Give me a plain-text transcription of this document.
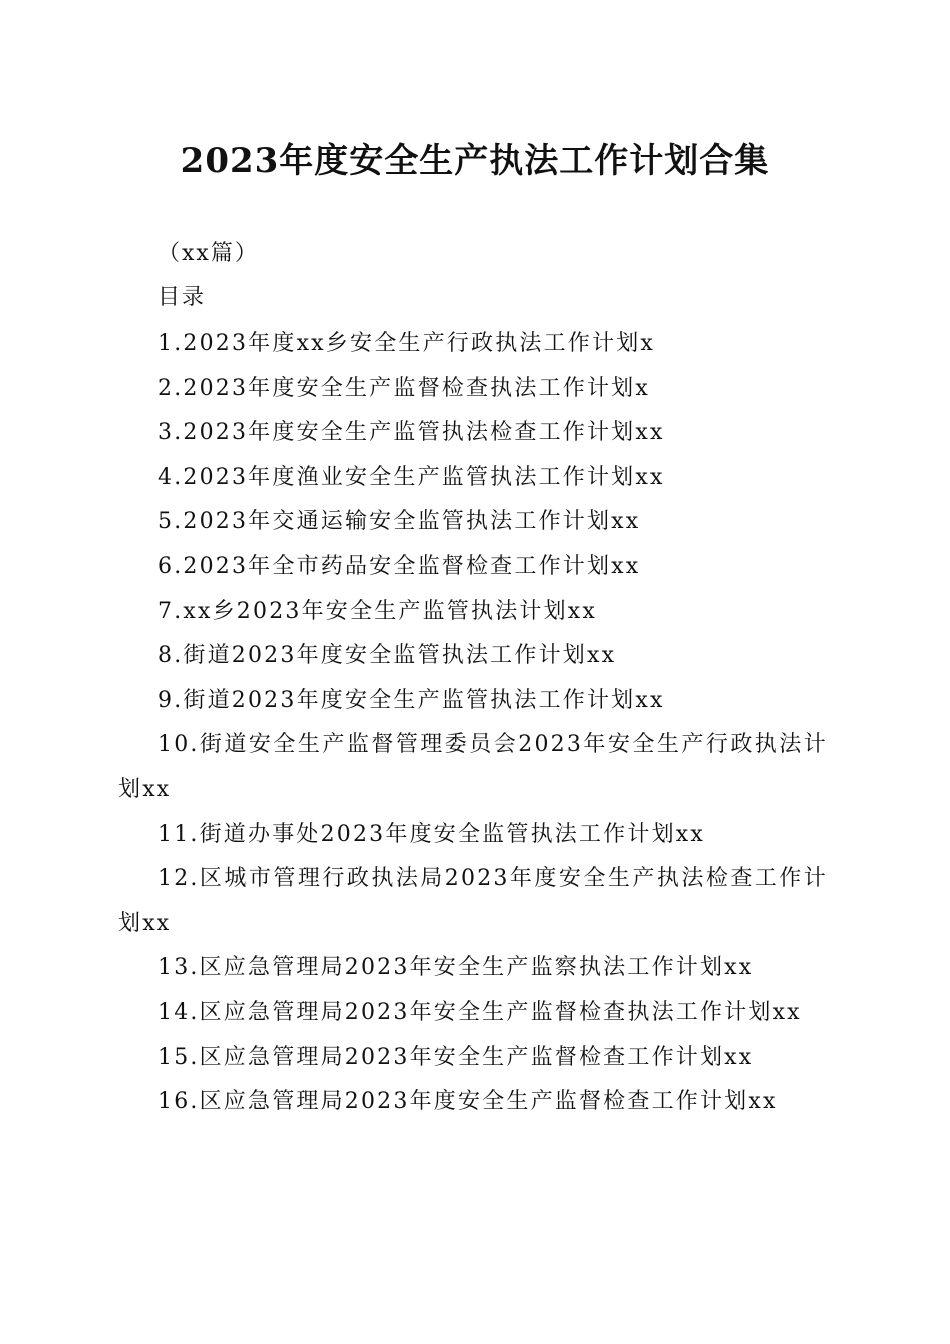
2023年度安全生产执法工作计划合集

（xx篇）

目录

1.2023年度xx乡安全生产行政执法工作计划x
2.2023年度安全生产监督检查执法工作计划x
3.2023年度安全生产监管执法检查工作计划xx
4.2023年度渔业安全生产监管执法工作计划xx
5.2023年交通运输安全监管执法工作计划xx
6.2023年全市药品安全监督检查工作计划xx
7.xx乡2023年安全生产监管执法计划xx
8.街道2023年度安全监管执法工作计划xx
9.街道2023年度安全生产监管执法工作计划xx
10.街道安全生产监督管理委员会2023年安全生产行政执法计划xx
11.街道办事处2023年度安全监管执法工作计划xx
12.区城市管理行政执法局2023年度安全生产执法检查工作计划xx
13.区应急管理局2023年安全生产监察执法工作计划xx
14.区应急管理局2023年安全生产监督检查执法工作计划xx
15.区应急管理局2023年安全生产监督检查工作计划xx
16.区应急管理局2023年度安全生产监督检查工作计划xx
